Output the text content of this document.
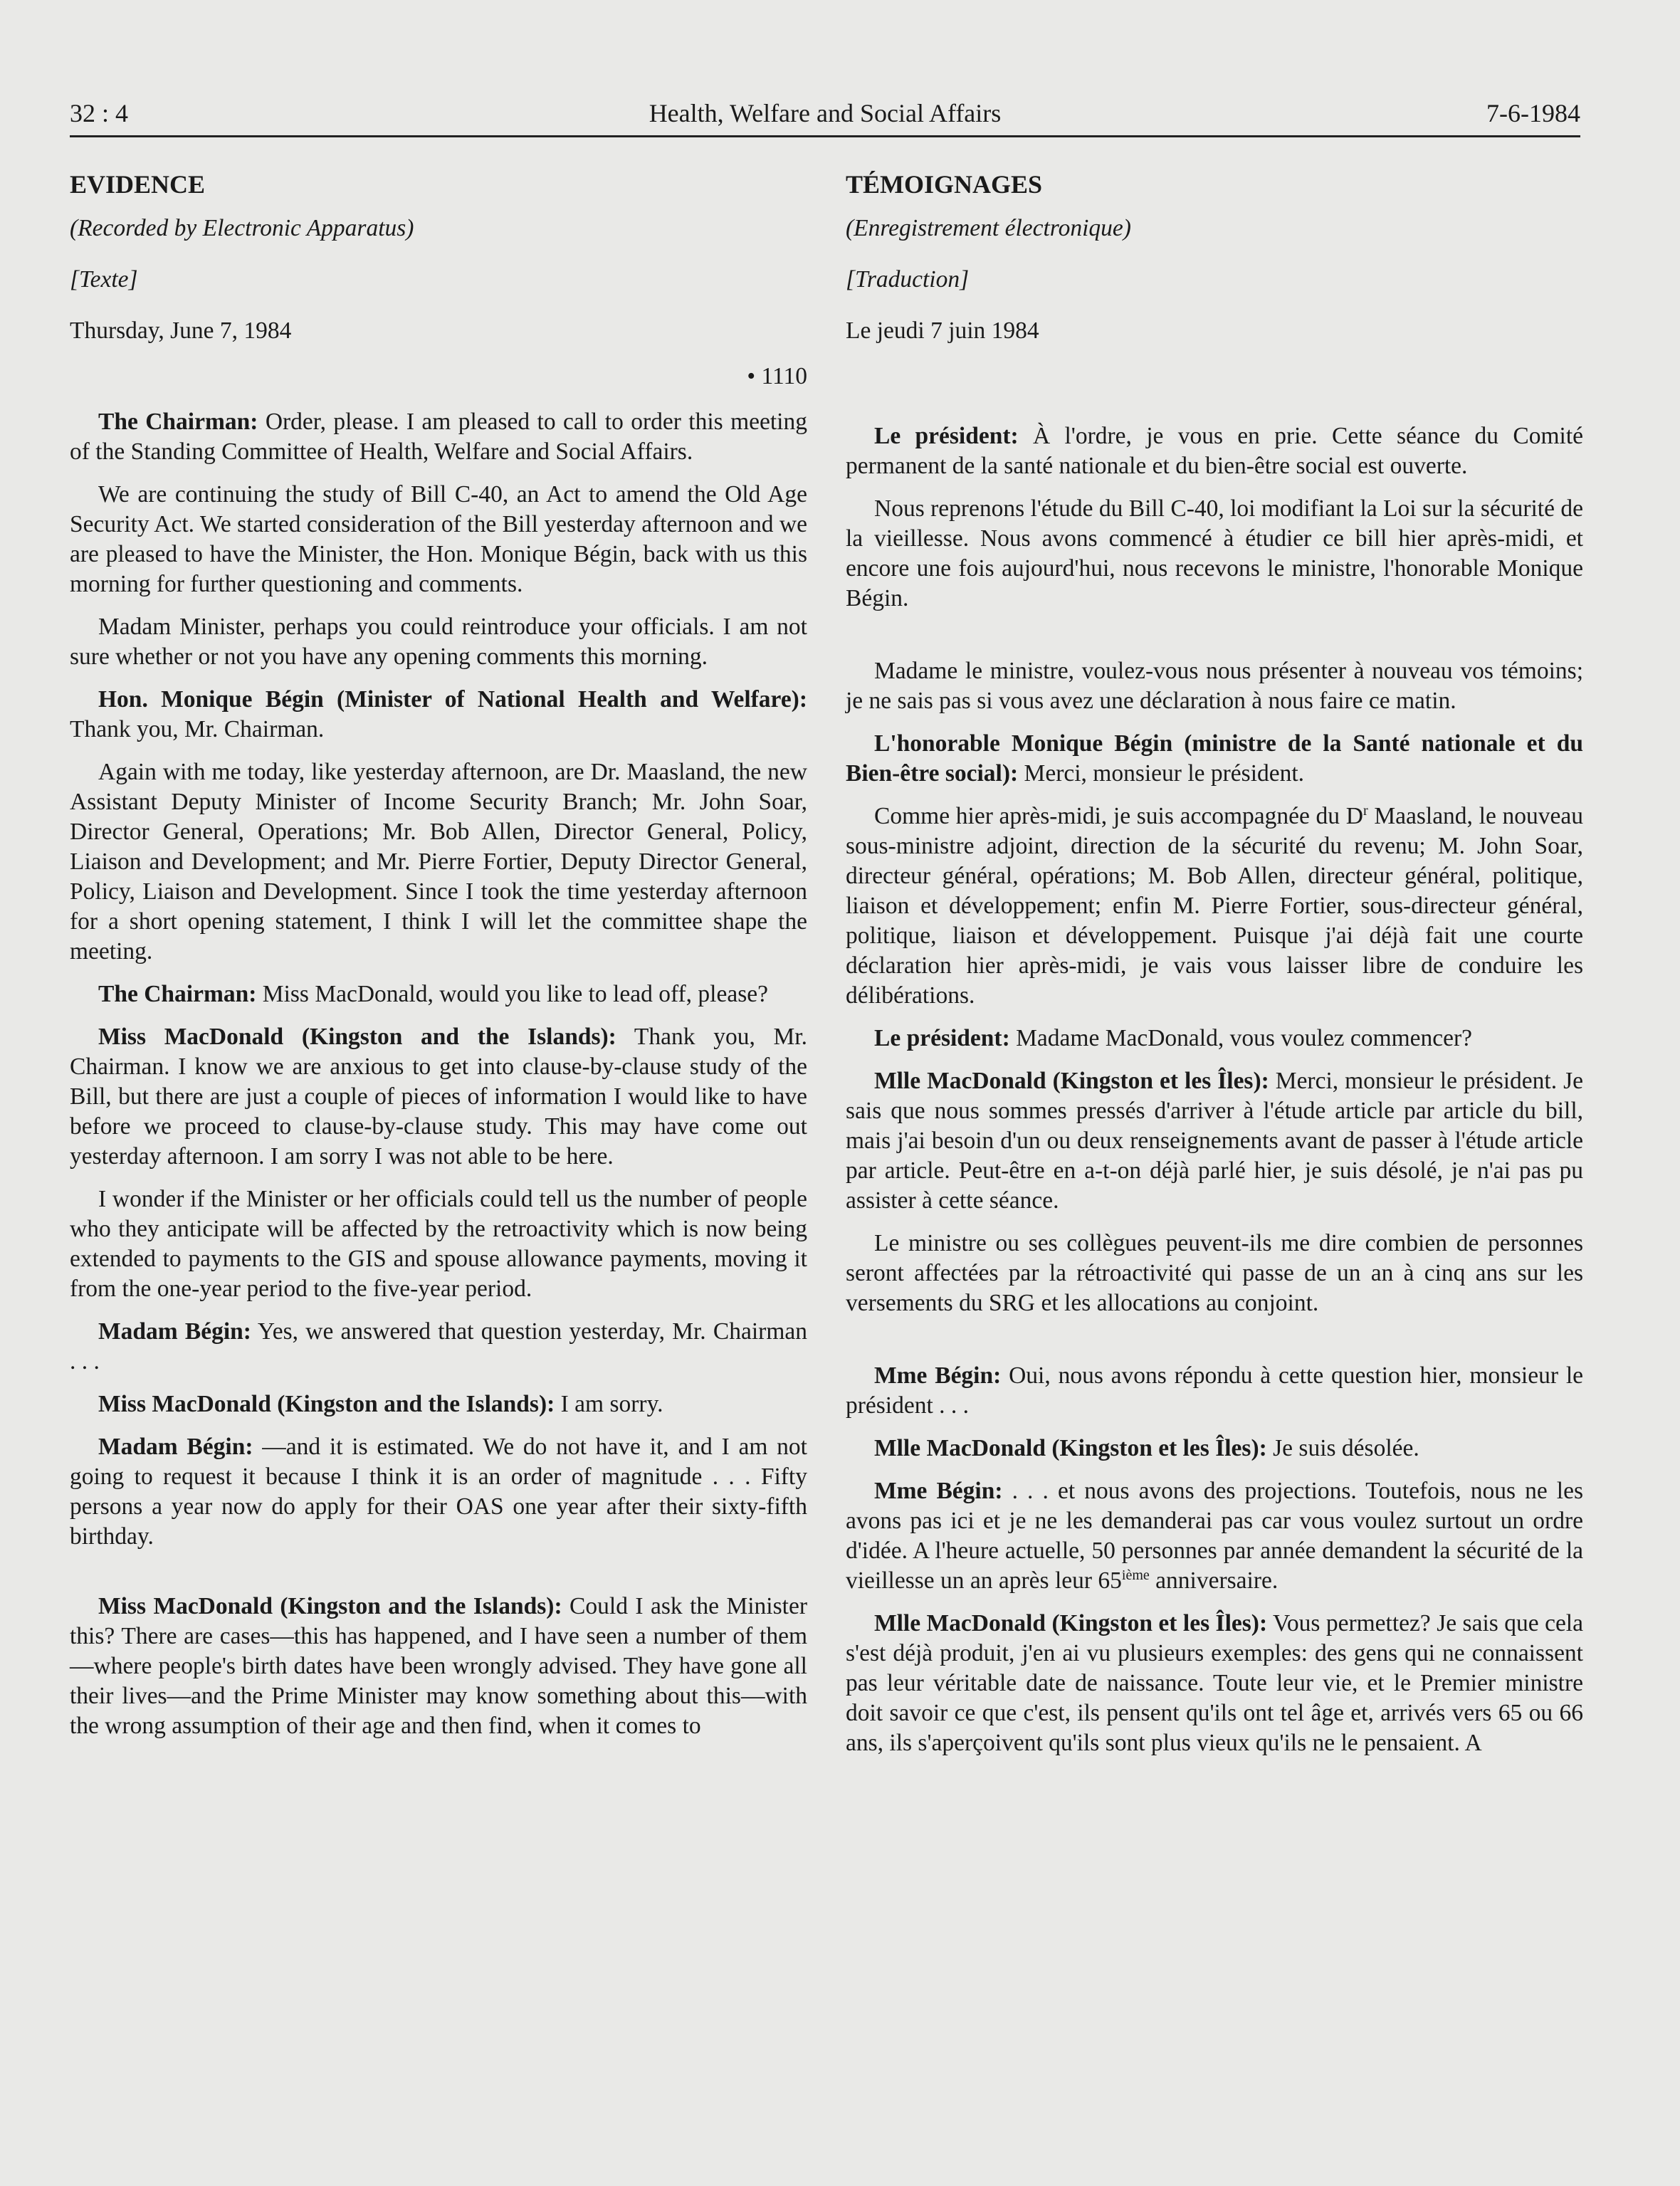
32 : 4	Health, Welfare and Social Affairs	7-6-1984

EVIDENCE

(Recorded by Electronic Apparatus)

[Texte]

Thursday, June 7, 1984

• 1110

The Chairman: Order, please. I am pleased to call to order this meeting of the Standing Committee of Health, Welfare and Social Affairs.

We are continuing the study of Bill C-40, an Act to amend the Old Age Security Act. We started consideration of the Bill yesterday afternoon and we are pleased to have the Minister, the Hon. Monique Bégin, back with us this morning for further questioning and comments.

Madam Minister, perhaps you could reintroduce your officials. I am not sure whether or not you have any opening comments this morning.

Hon. Monique Bégin (Minister of National Health and Welfare): Thank you, Mr. Chairman.

Again with me today, like yesterday afternoon, are Dr. Maasland, the new Assistant Deputy Minister of Income Security Branch; Mr. John Soar, Director General, Operations; Mr. Bob Allen, Director General, Policy, Liaison and Development; and Mr. Pierre Fortier, Deputy Director General, Policy, Liaison and Development. Since I took the time yesterday afternoon for a short opening statement, I think I will let the committee shape the meeting.

The Chairman: Miss MacDonald, would you like to lead off, please?

Miss MacDonald (Kingston and the Islands): Thank you, Mr. Chairman. I know we are anxious to get into clause-by-clause study of the Bill, but there are just a couple of pieces of information I would like to have before we proceed to clause-by-clause study. This may have come out yesterday afternoon. I am sorry I was not able to be here.

I wonder if the Minister or her officials could tell us the number of people who they anticipate will be affected by the retroactivity which is now being extended to payments to the GIS and spouse allowance payments, moving it from the one-year period to the five-year period.

Madam Bégin: Yes, we answered that question yesterday, Mr. Chairman . . .

Miss MacDonald (Kingston and the Islands): I am sorry.

Madam Bégin: —and it is estimated. We do not have it, and I am not going to request it because I think it is an order of magnitude . . . Fifty persons a year now do apply for their OAS one year after their sixty-fifth birthday.

Miss MacDonald (Kingston and the Islands): Could I ask the Minister this? There are cases—this has happened, and I have seen a number of them—where people's birth dates have been wrongly advised. They have gone all their lives—and the Prime Minister may know something about this—with the wrong assumption of their age and then find, when it comes to

TÉMOIGNAGES

(Enregistrement électronique)

[Traduction]

Le jeudi 7 juin 1984

Le président: À l'ordre, je vous en prie. Cette séance du Comité permanent de la santé nationale et du bien-être social est ouverte.

Nous reprenons l'étude du Bill C-40, loi modifiant la Loi sur la sécurité de la vieillesse. Nous avons commencé à étudier ce bill hier après-midi, et encore une fois aujourd'hui, nous recevons le ministre, l'honorable Monique Bégin.

Madame le ministre, voulez-vous nous présenter à nouveau vos témoins; je ne sais pas si vous avez une déclaration à nous faire ce matin.

L'honorable Monique Bégin (ministre de la Santé nationale et du Bien-être social): Merci, monsieur le président.

Comme hier après-midi, je suis accompagnée du $D^r$ Maasland, le nouveau sous-ministre adjoint, direction de la sécurité du revenu; M. John Soar, directeur général, opérations; M. Bob Allen, directeur général, politique, liaison et développement; enfin M. Pierre Fortier, sous-directeur général, politique, liaison et développement. Puisque j'ai déjà fait une courte déclaration hier après-midi, je vais vous laisser libre de conduire les délibérations.

Le président: Madame MacDonald, vous voulez commencer?

Mlle MacDonald (Kingston et les Îles): Merci, monsieur le président. Je sais que nous sommes pressés d'arriver à l'étude article par article du bill, mais j'ai besoin d'un ou deux renseignements avant de passer à l'étude article par article. Peut-être en a-t-on déjà parlé hier, je suis désolé, je n'ai pas pu assister à cette séance.

Le ministre ou ses collègues peuvent-ils me dire combien de personnes seront affectées par la rétroactivité qui passe de un an à cinq ans sur les versements du SRG et les allocations au conjoint.

Mme Bégin: Oui, nous avons répondu à cette question hier, monsieur le président . . .

Mlle MacDonald (Kingston et les Îles): Je suis désolée.

Mme Bégin: . . . et nous avons des projections. Toutefois, nous ne les avons pas ici et je ne les demanderai pas car vous voulez surtout un ordre d'idée. A l'heure actuelle, 50 personnes par année demandent la sécurité de la vieillesse un an après leur 65ième anniversaire.

Mlle MacDonald (Kingston et les Îles): Vous permettez? Je sais que cela s'est déjà produit, j'en ai vu plusieurs exemples: des gens qui ne connaissent pas leur véritable date de naissance. Toute leur vie, et le Premier ministre doit savoir ce que c'est, ils pensent qu'ils ont tel âge et, arrivés vers 65 ou 66 ans, ils s'aperçoivent qu'ils sont plus vieux qu'ils ne le pensaient. A
